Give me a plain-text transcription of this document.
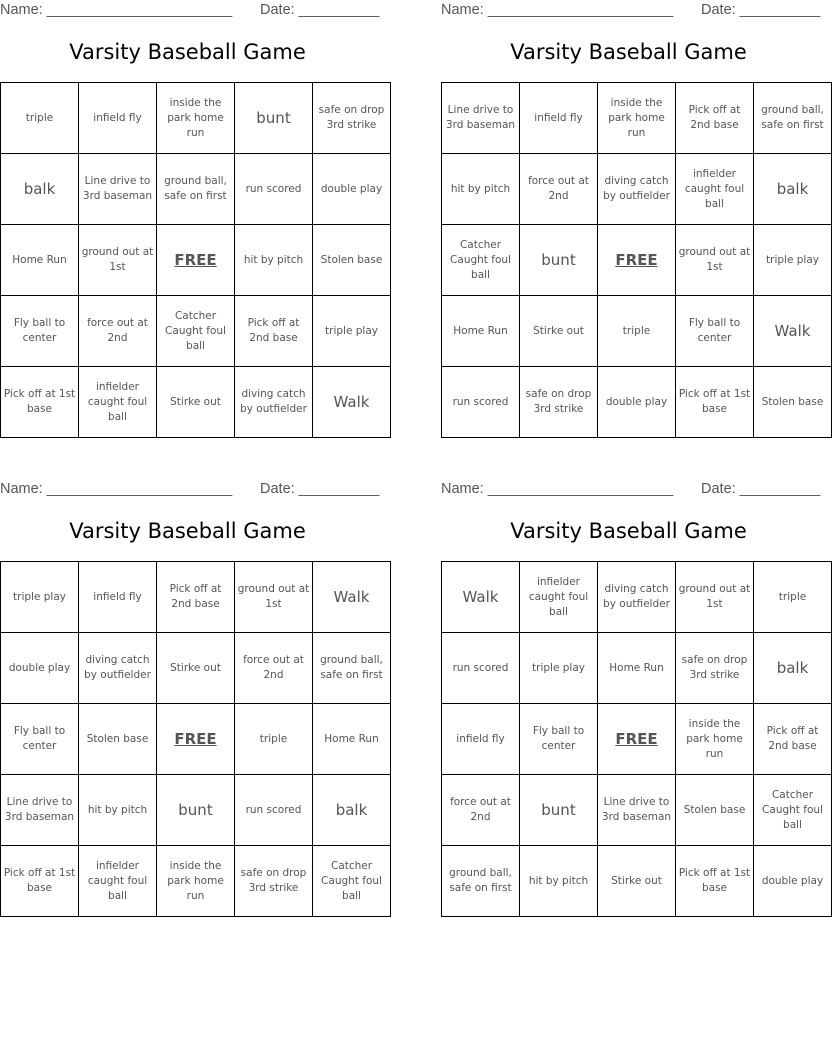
Name: _______________________ Date: __________
Varsity Baseball Game
triple	infield fly	inside the park home run	bunt	safe on drop 3rd strike
balk	Line drive to 3rd baseman	ground ball, safe on first	run scored	double play
Home Run	ground out at 1st	FREE	hit by pitch	Stolen base
Fly ball to center	force out at 2nd	Catcher Caught foul ball	Pick off at 2nd base	triple play
Pick off at 1st base	infielder caught foul ball	Stirke out	diving catch by outfielder	Walk
Name: _______________________ Date: __________
Varsity Baseball Game
Line drive to 3rd baseman	infield fly	inside the park home run	Pick off at 2nd base	ground ball, safe on first
hit by pitch	force out at 2nd	diving catch by outfielder	infielder caught foul ball	balk
Catcher Caught foul ball	bunt	FREE	ground out at 1st	triple play
Home Run	Stirke out	triple	Fly ball to center	Walk
run scored	safe on drop 3rd strike	double play	Pick off at 1st base	Stolen base
Name: _______________________ Date: __________
Varsity Baseball Game
triple play	infield fly	Pick off at 2nd base	ground out at 1st	Walk
double play	diving catch by outfielder	Stirke out	force out at 2nd	ground ball, safe on first
Fly ball to center	Stolen base	FREE	triple	Home Run
Line drive to 3rd baseman	hit by pitch	bunt	run scored	balk
Pick off at 1st base	infielder caught foul ball	inside the park home run	safe on drop 3rd strike	Catcher Caught foul ball
Name: _______________________ Date: __________
Varsity Baseball Game
Walk	infielder caught foul ball	diving catch by outfielder	ground out at 1st	triple
run scored	triple play	Home Run	safe on drop 3rd strike	balk
infield fly	Fly ball to center	FREE	inside the park home run	Pick off at 2nd base
force out at 2nd	bunt	Line drive to 3rd baseman	Stolen base	Catcher Caught foul ball
ground ball, safe on first	hit by pitch	Stirke out	Pick off at 1st base	double play
